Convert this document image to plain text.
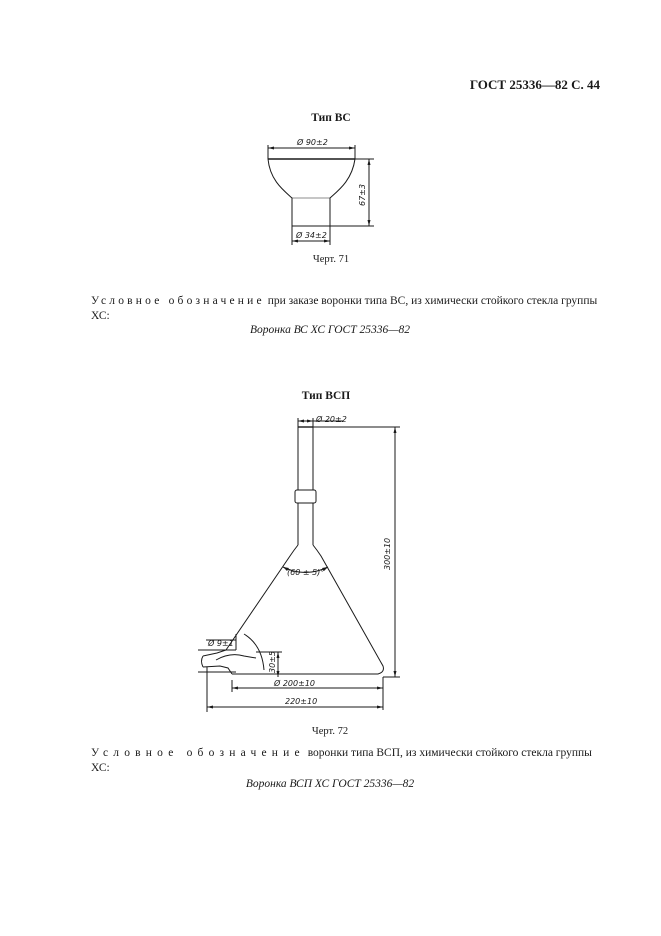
ГОСТ 25336—82 С. 44
Тип ВС
Ø 90±2
Ø 34±2
67±3
Черт. 71
Условное обозначение при заказе воронки типа ВС, из химически стойкого стекла группы ХС:
Воронка ВС ХС ГОСТ 25336—82
Тип ВСП
Ø 20±2
300±10
(60 ± 5)°
Ø 9±1
30±5
Ø 200±10
220±10
Черт. 72
Условное обозначение воронки типа ВСП, из химически стойкого стекла группы ХС:
Воронка ВСП ХС ГОСТ 25336—82
